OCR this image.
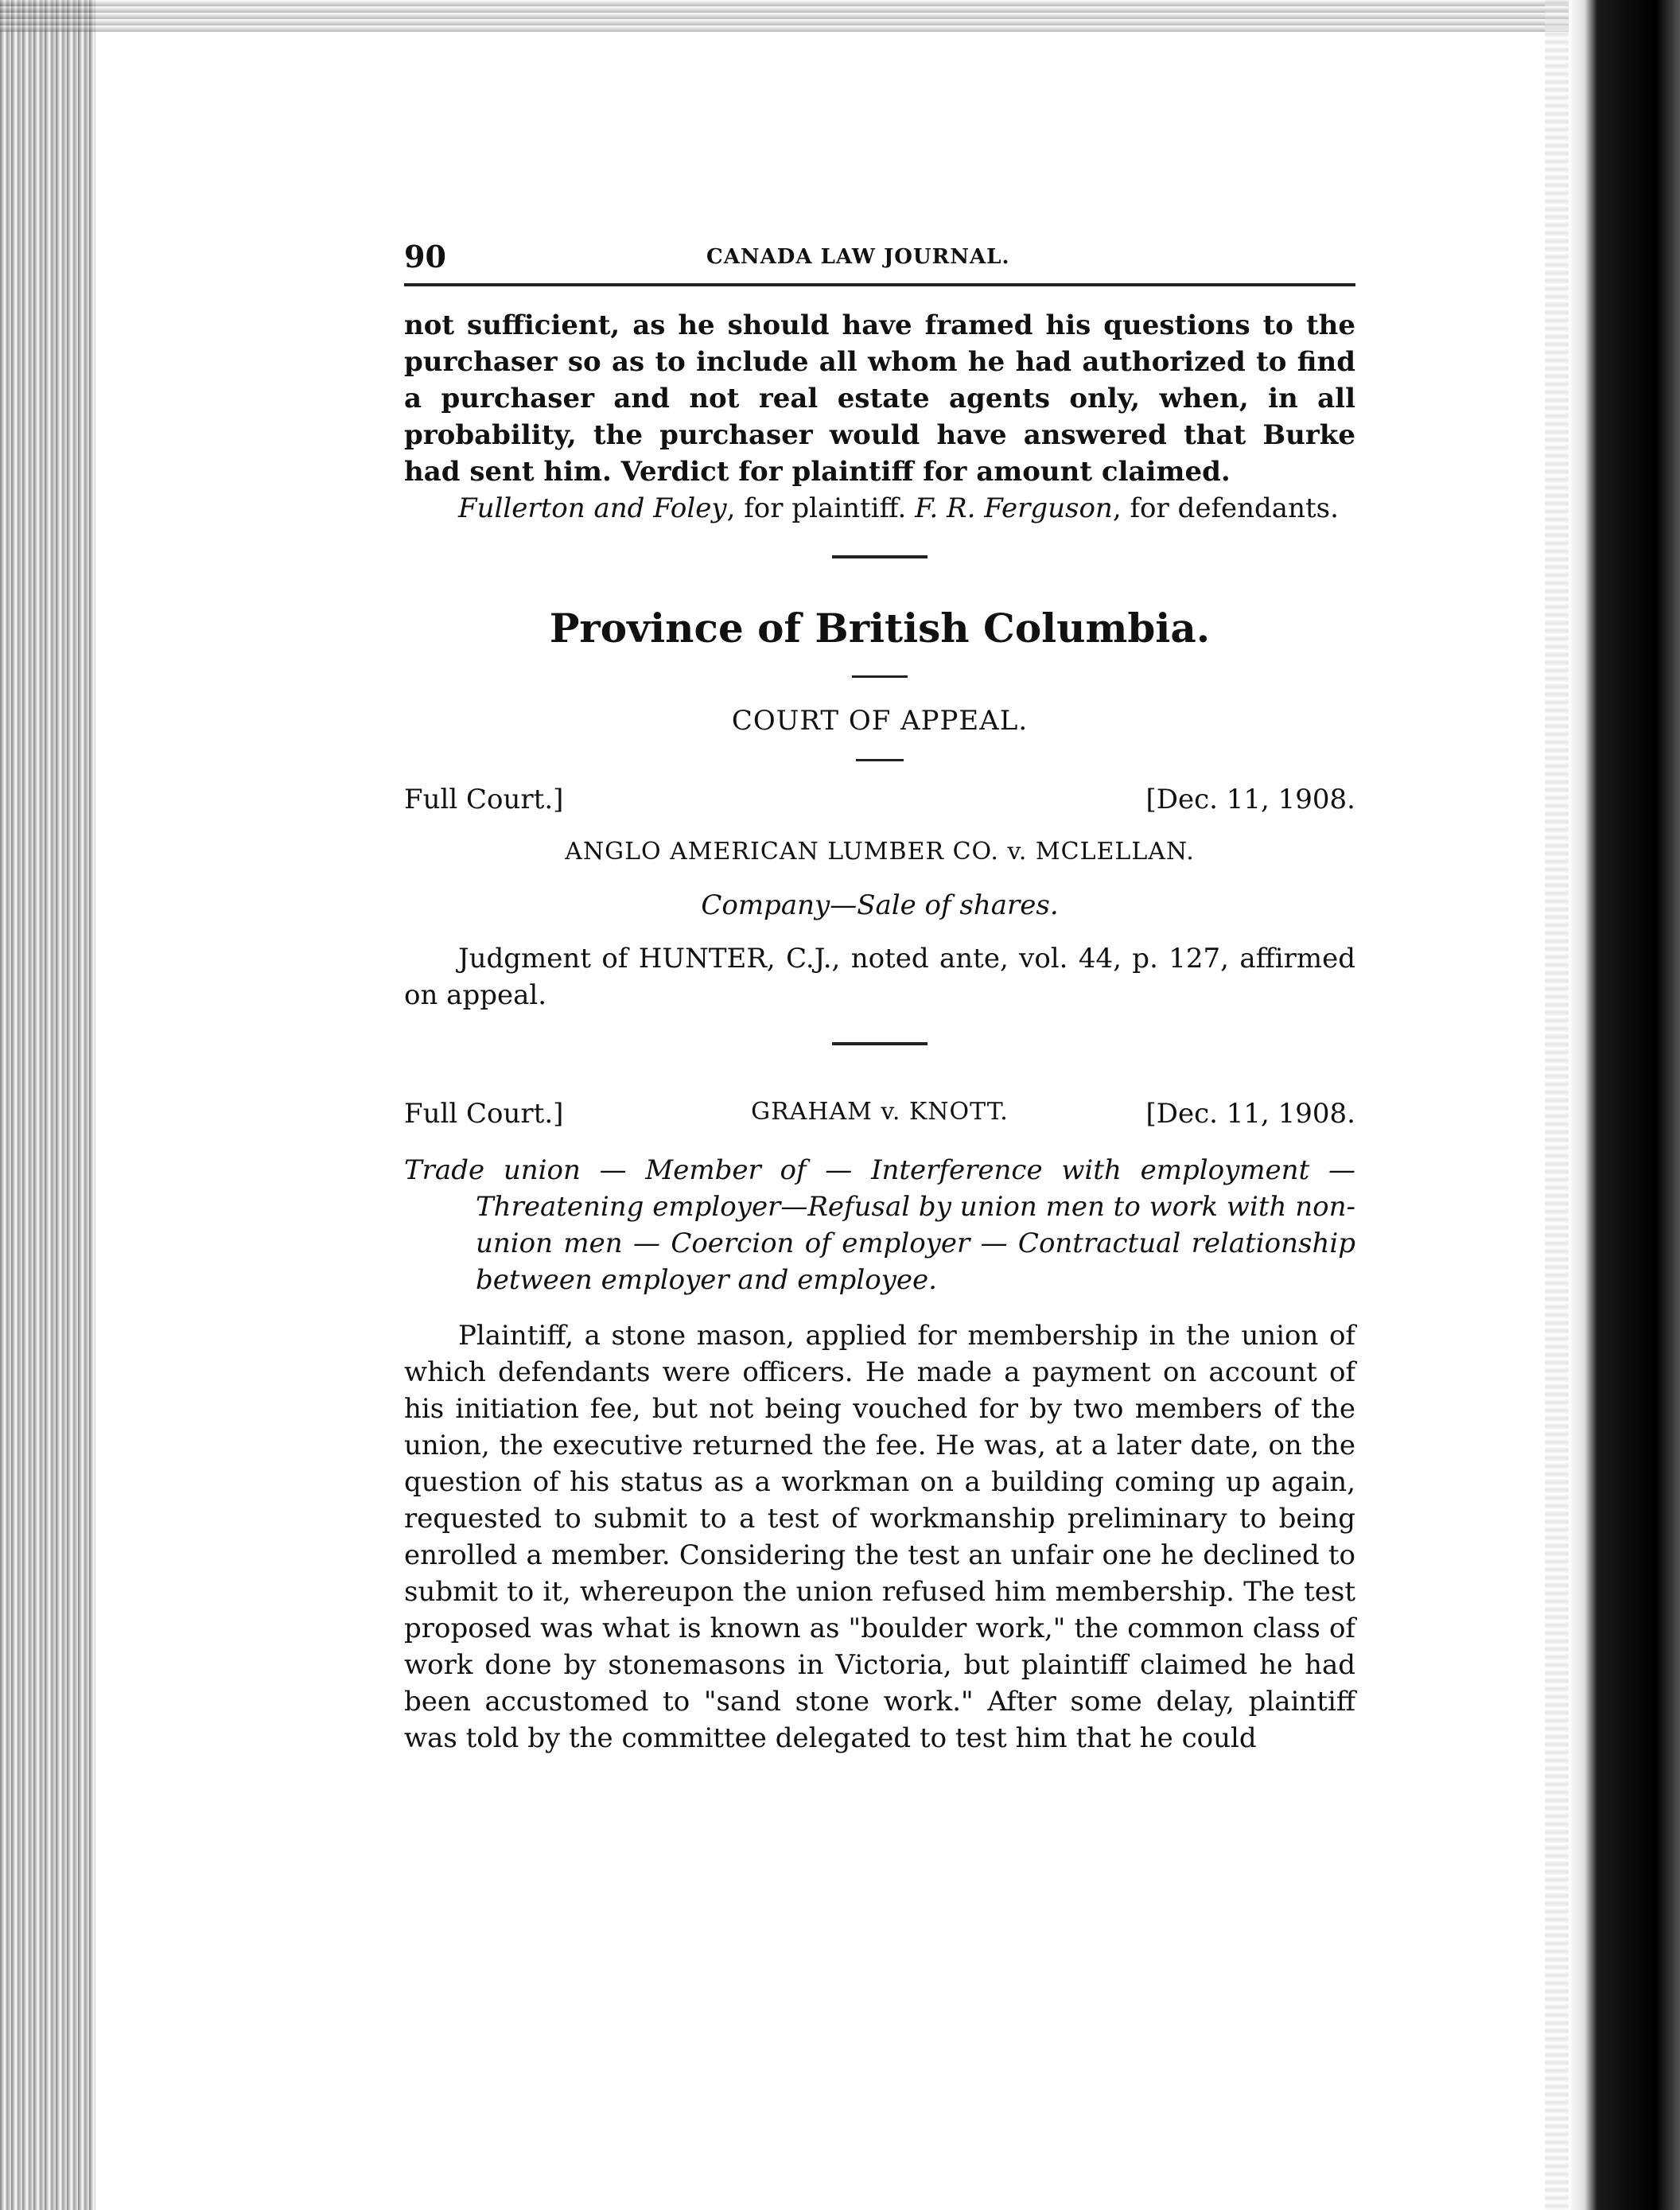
90	CANADA LAW JOURNAL.

not sufficient, as he should have framed his questions to the purchaser so as to include all whom he had authorized to find a purchaser and not real estate agents only, when, in all probability, the purchaser would have answered that Burke had sent him. Verdict for plaintiff for amount claimed.

Fullerton and Foley, for plaintiff. F. R. Ferguson, for defendants.

Province of British Columbia.
COURT OF APPEAL.
Full Court.]	[Dec. 11, 1908.
ANGLO AMERICAN LUMBER CO. v. MCLELLAN.
Company—Sale of shares.

Judgment of HUNTER, C.J., noted ante, vol. 44, p. 127, affirmed on appeal.

Full Court.]	GRAHAM v. KNOTT.	[Dec. 11, 1908.

Trade union — Member of — Interference with employment — Threatening employer—Refusal by union men to work with non-union men — Coercion of employer — Contractual relationship between employer and employee.

Plaintiff, a stone mason, applied for membership in the union of which defendants were officers. He made a payment on account of his initiation fee, but not being vouched for by two members of the union, the executive returned the fee. He was, at a later date, on the question of his status as a workman on a building coming up again, requested to submit to a test of workmanship preliminary to being enrolled a member. Considering the test an unfair one he declined to submit to it, whereupon the union refused him membership. The test proposed was what is known as "boulder work," the common class of work done by stonemasons in Victoria, but plaintiff claimed he had been accustomed to "sand stone work." After some delay, plaintiff was told by the committee delegated to test him that he could
